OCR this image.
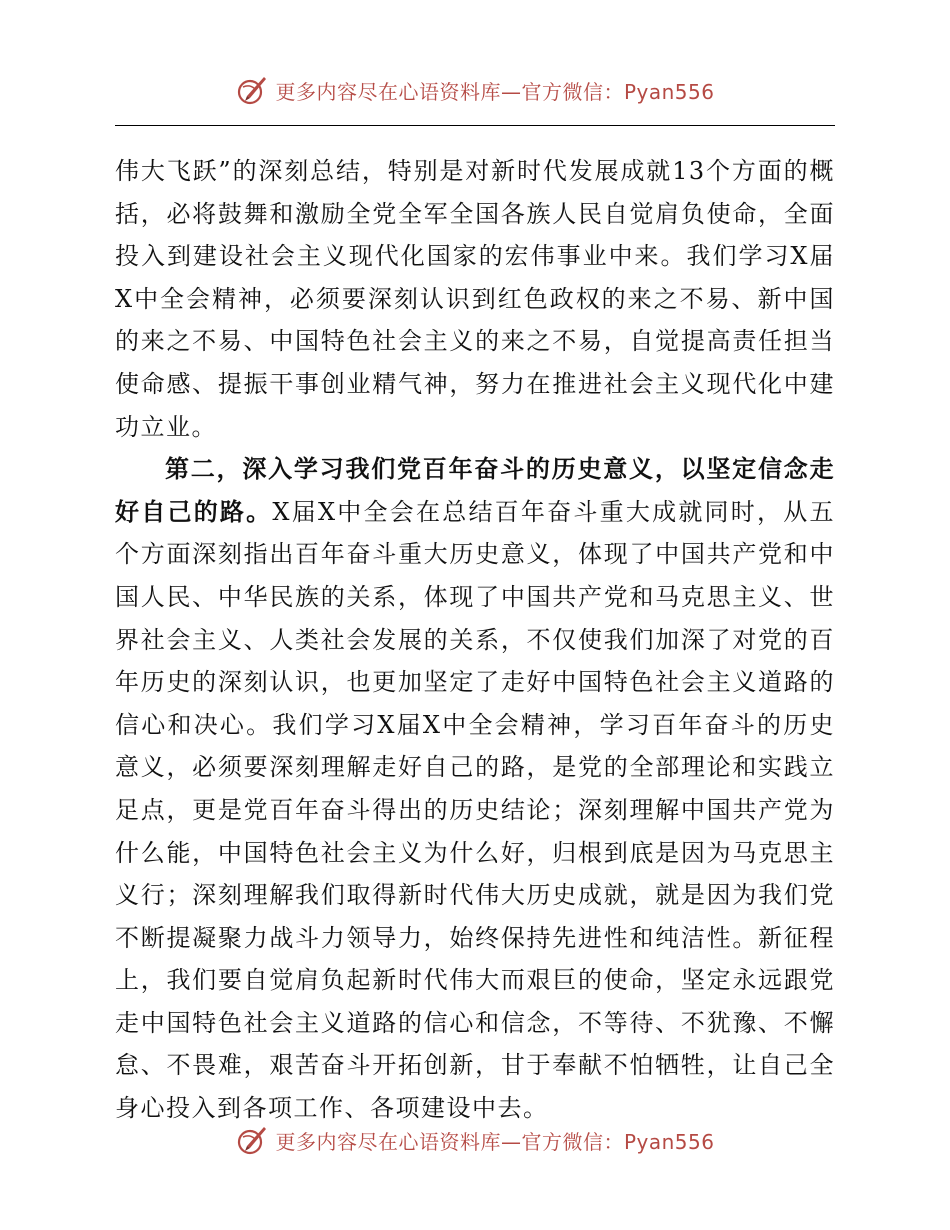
更多内容尽在心语资料库—官方微信：Pyan556

伟大飞跃”的深刻总结，特别是对新时代发展成就13个方面的概括，必将鼓舞和激励全党全军全国各族人民自觉肩负使命，全面投入到建设社会主义现代化国家的宏伟事业中来。我们学习X届X中全会精神，必须要深刻认识到红色政权的来之不易、新中国的来之不易、中国特色社会主义的来之不易，自觉提高责任担当使命感、提振干事创业精气神，努力在推进社会主义现代化中建功立业。

第二，深入学习我们党百年奋斗的历史意义，以坚定信念走好自己的路。X届X中全会在总结百年奋斗重大成就同时，从五个方面深刻指出百年奋斗重大历史意义，体现了中国共产党和中国人民、中华民族的关系，体现了中国共产党和马克思主义、世界社会主义、人类社会发展的关系，不仅使我们加深了对党的百年历史的深刻认识，也更加坚定了走好中国特色社会主义道路的信心和决心。我们学习X届X中全会精神，学习百年奋斗的历史意义，必须要深刻理解走好自己的路，是党的全部理论和实践立足点，更是党百年奋斗得出的历史结论；深刻理解中国共产党为什么能，中国特色社会主义为什么好，归根到底是因为马克思主义行；深刻理解我们取得新时代伟大历史成就，就是因为我们党不断提凝聚力战斗力领导力，始终保持先进性和纯洁性。新征程上，我们要自觉肩负起新时代伟大而艰巨的使命，坚定永远跟党走中国特色社会主义道路的信心和信念，不等待、不犹豫、不懈怠、不畏难，艰苦奋斗开拓创新，甘于奉献不怕牺牲，让自己全身心投入到各项工作、各项建设中去。

更多内容尽在心语资料库—官方微信：Pyan556
